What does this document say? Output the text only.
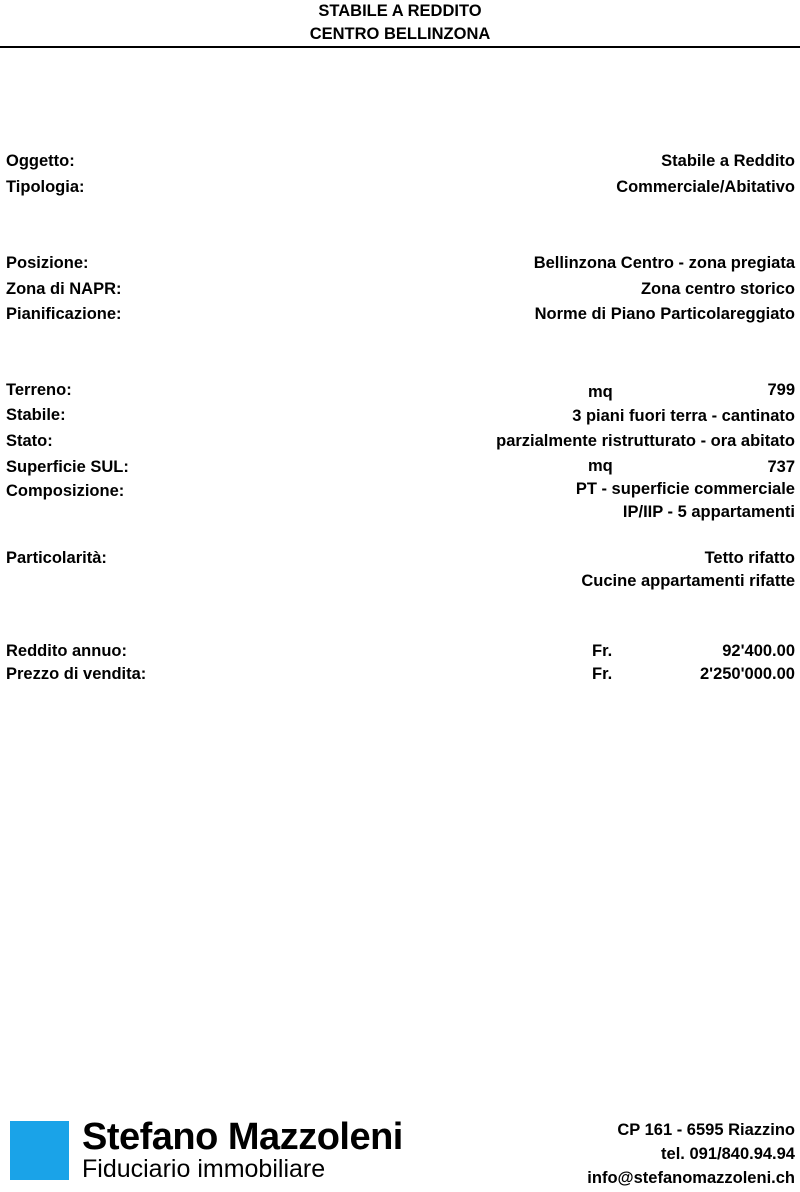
STABILE A REDDITO
CENTRO BELLINZONA
Oggetto:	Stabile a Reddito
Tipologia:	Commerciale/Abitativo
Posizione:	Bellinzona Centro - zona pregiata
Zona di NAPR:	Zona centro storico
Pianificazione:	Norme di Piano Particolareggiato
Terreno:	mq	799
Stabile:	3 piani fuori terra - cantinato
Stato:	parzialmente ristrutturato - ora abitato
Superficie SUL:	mq	737
Composizione:	PT - superficie commerciale
IP/IIP - 5 appartamenti
Particolarità:	Tetto rifatto
Cucine appartamenti rifatte
Reddito annuo:	Fr.	92'400.00
Prezzo di vendita:	Fr.	2'250'000.00
Stefano Mazzoleni
Fiduciario immobiliare
CP 161 - 6595 Riazzino
tel. 091/840.94.94
info@stefanomazzoleni.ch
